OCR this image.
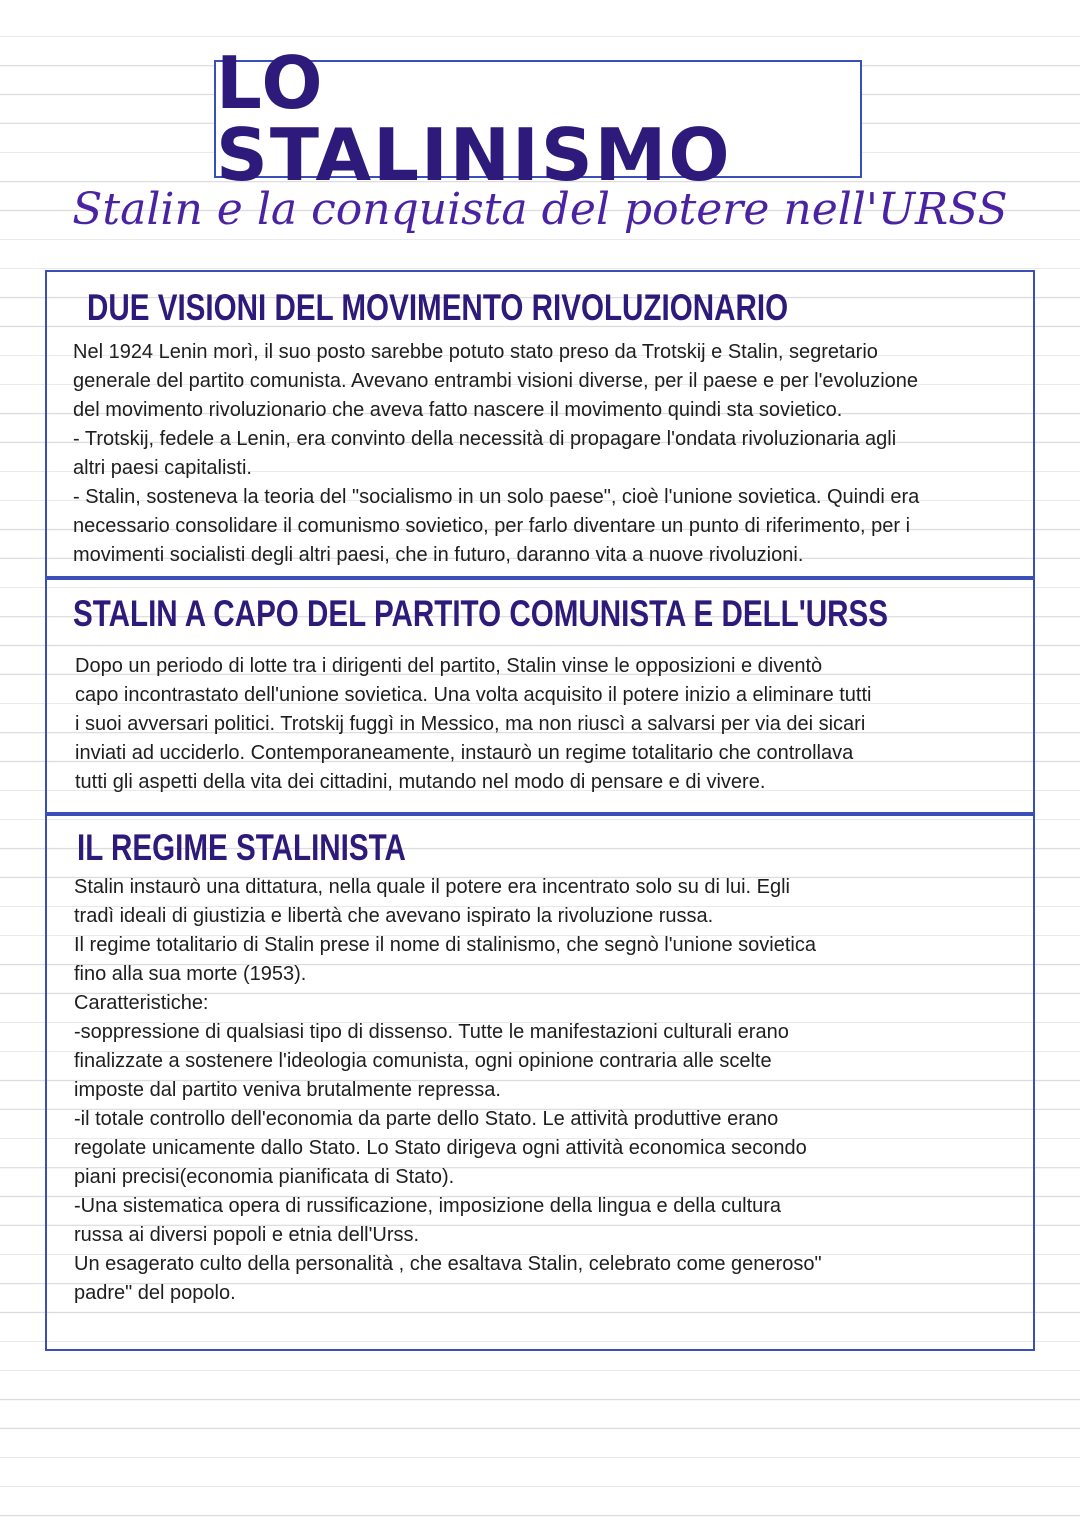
LO STALINISMO
Stalin e la conquista del potere nell'URSS
DUE VISIONI DEL MOVIMENTO RIVOLUZIONARIO

Nel 1924 Lenin morì, il suo posto sarebbe potuto stato preso da Trotskij e Stalin, segretario
generale del partito comunista. Avevano entrambi visioni diverse, per il paese e per l'evoluzione
del movimento rivoluzionario che aveva fatto nascere il movimento quindi sta sovietico.
- Trotskij, fedele a Lenin, era convinto della necessità di propagare l'ondata rivoluzionaria agli
altri paesi capitalisti.
- Stalin, sosteneva la teoria del "socialismo in un solo paese", cioè l'unione sovietica. Quindi era
necessario consolidare il comunismo sovietico, per farlo diventare un punto di riferimento, per i
movimenti socialisti degli altri paesi, che in futuro, daranno vita a nuove rivoluzioni.

STALIN A CAPO DEL PARTITO COMUNISTA E DELL'URSS

Dopo un periodo di lotte tra i dirigenti del partito, Stalin vinse le opposizioni e diventò
capo incontrastato dell'unione sovietica. Una volta acquisito il potere inizio a eliminare tutti
i suoi avversari politici. Trotskij fuggì in Messico, ma non riuscì a salvarsi per via dei sicari
inviati ad ucciderlo. Contemporaneamente, instaurò un regime totalitario che controllava
tutti gli aspetti della vita dei cittadini, mutando nel modo di pensare e di vivere.

IL REGIME STALINISTA

Stalin instaurò una dittatura, nella quale il potere era incentrato solo su di lui. Egli
tradì ideali di giustizia e libertà che avevano ispirato la rivoluzione russa.
Il regime totalitario di Stalin prese il nome di stalinismo, che segnò l'unione sovietica
fino alla sua morte (1953).
Caratteristiche:
-soppressione di qualsiasi tipo di dissenso. Tutte le manifestazioni culturali erano
finalizzate a sostenere l'ideologia comunista, ogni opinione contraria alle scelte
imposte dal partito veniva brutalmente repressa.
-il totale controllo dell'economia da parte dello Stato. Le attività produttive erano
regolate unicamente dallo Stato. Lo Stato dirigeva ogni attività economica secondo
piani precisi(economia pianificata di Stato).
-Una sistematica opera di russificazione, imposizione della lingua e della cultura
russa ai diversi popoli e etnia dell'Urss.
Un esagerato culto della personalità , che esaltava Stalin, celebrato come generoso"
padre" del popolo.
